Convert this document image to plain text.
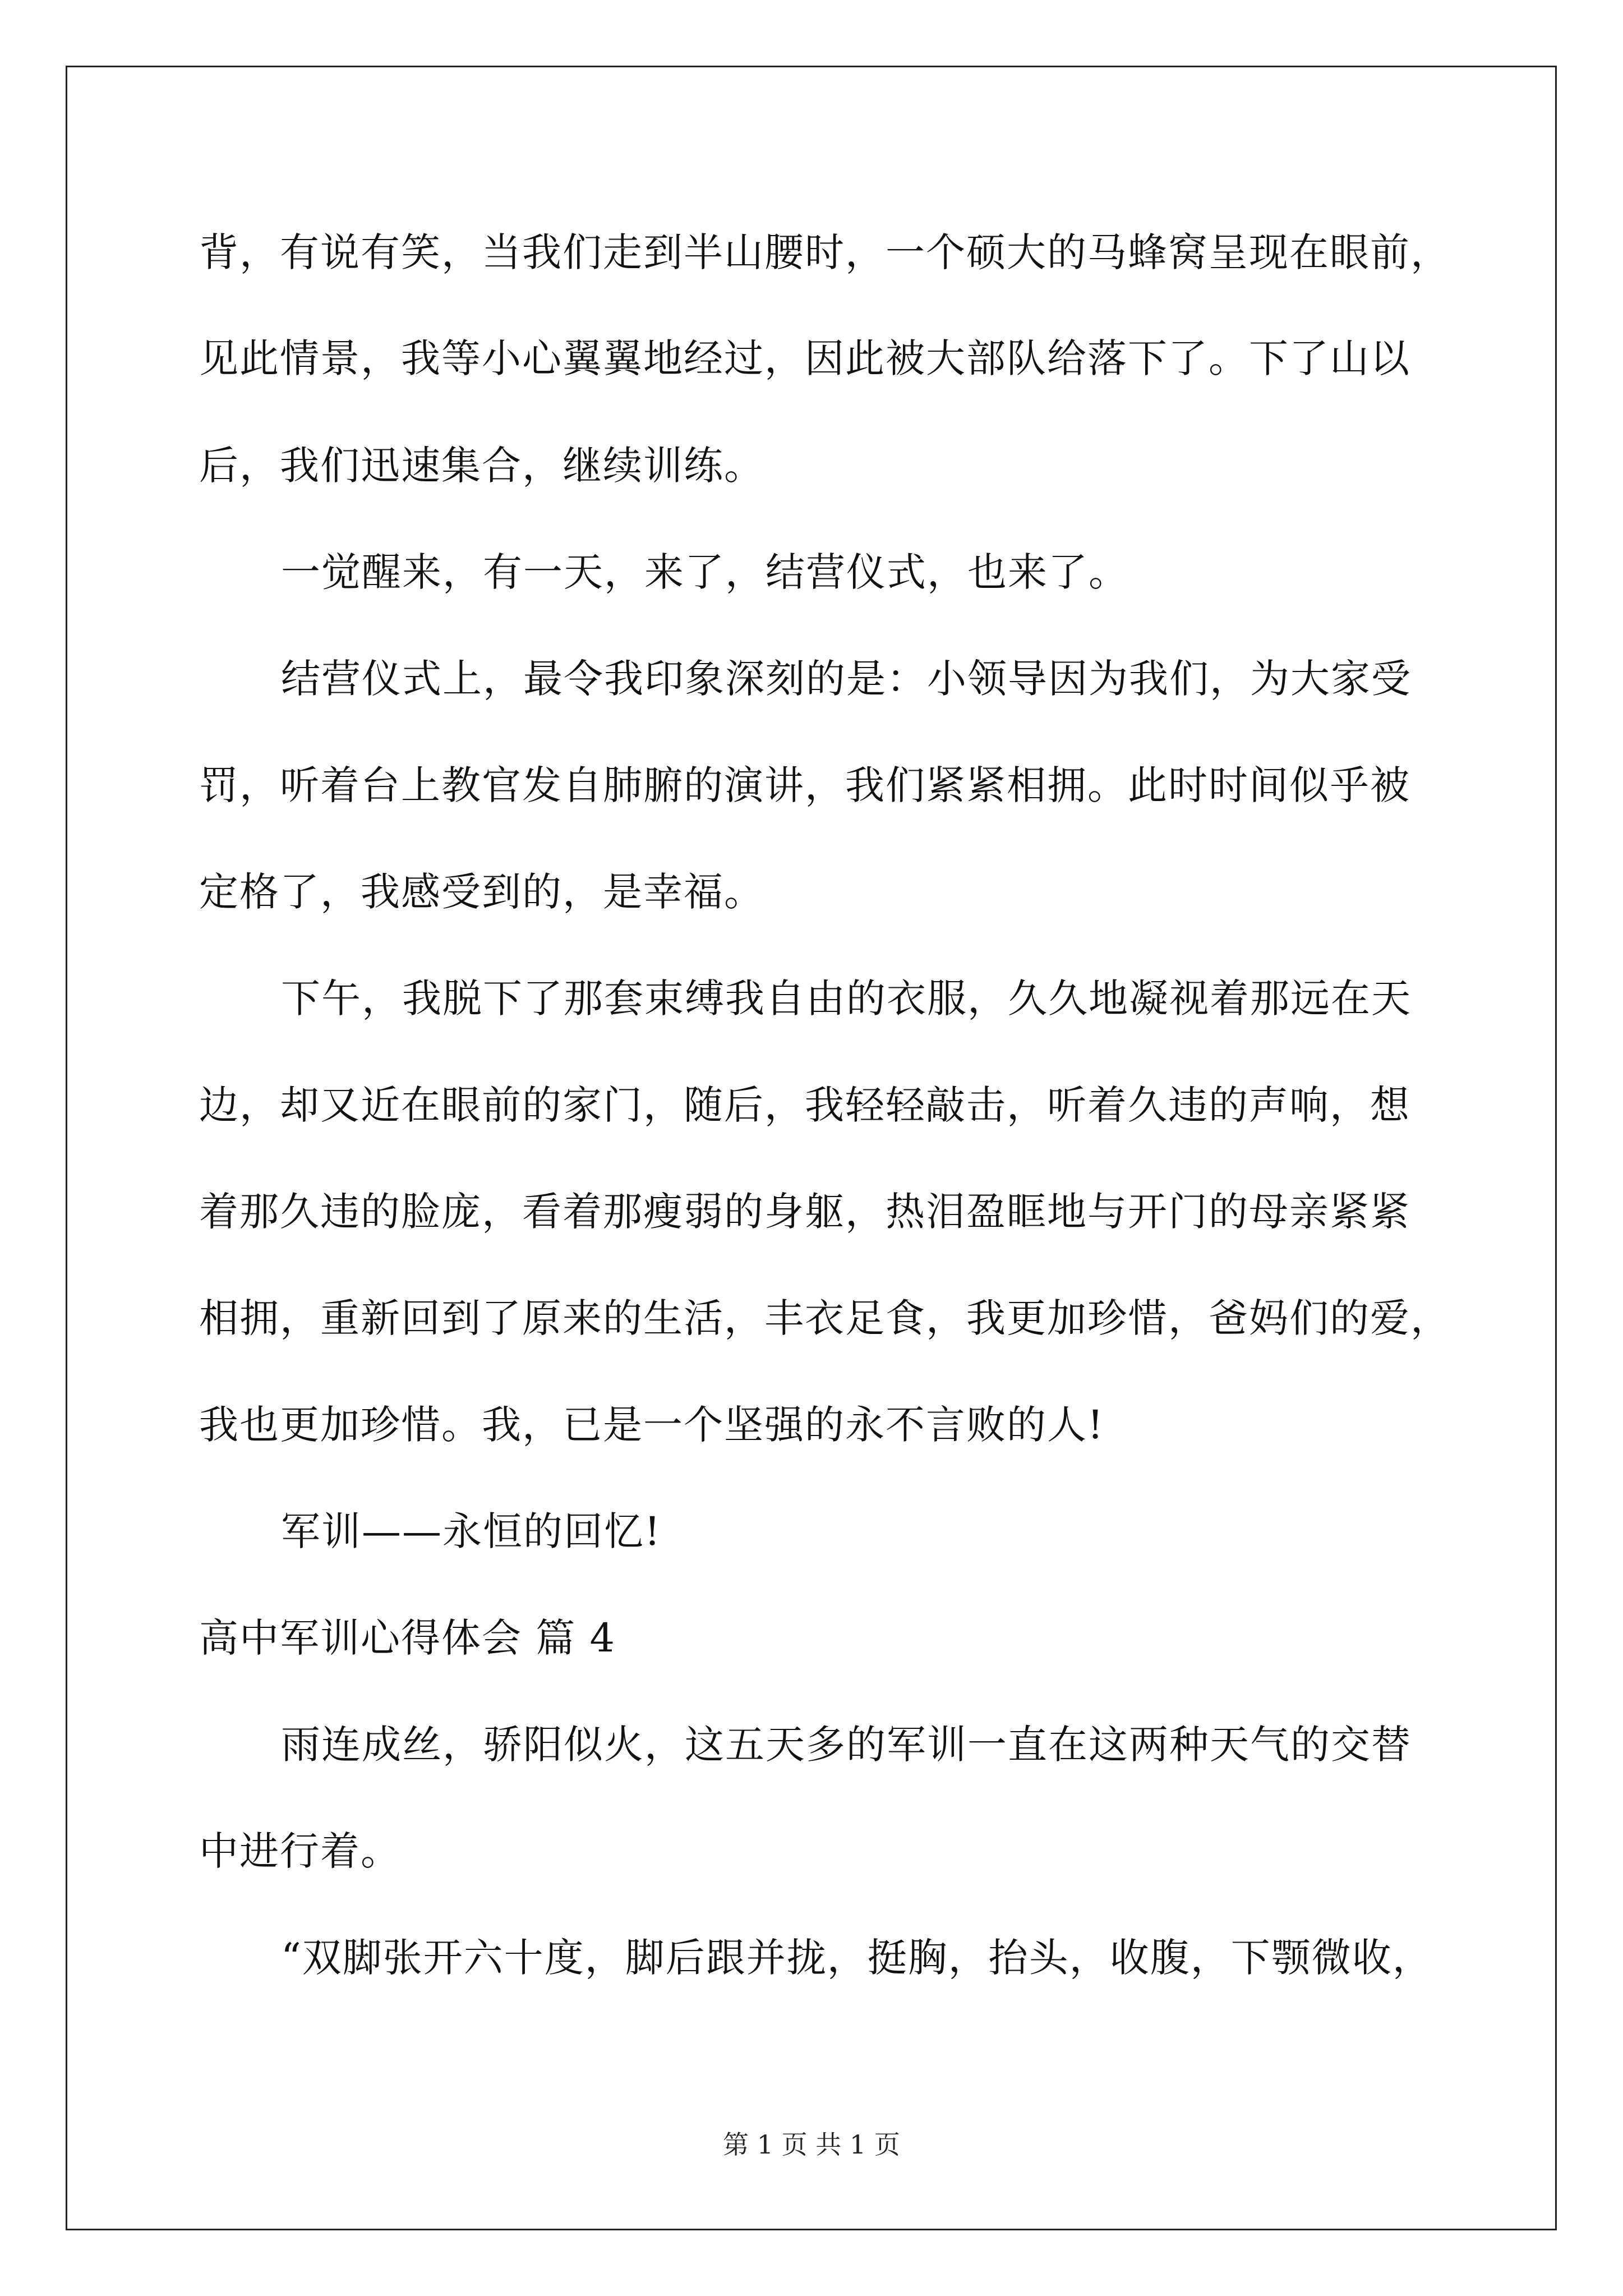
背，有说有笑，当我们走到半山腰时，一个硕大的马蜂窝呈现在眼前，
见此情景，我等小心翼翼地经过，因此被大部队给落下了。下了山以
后，我们迅速集合，继续训练。
一觉醒来，有一天，来了，结营仪式，也来了。
结营仪式上，最令我印象深刻的是：小领导因为我们，为大家受
罚，听着台上教官发自肺腑的演讲，我们紧紧相拥。此时时间似乎被
定格了，我感受到的，是幸福。
下午，我脱下了那套束缚我自由的衣服，久久地凝视着那远在天
边，却又近在眼前的家门，随后，我轻轻敲击，听着久违的声响，想
着那久违的脸庞，看着那瘦弱的身躯，热泪盈眶地与开门的母亲紧紧
相拥，重新回到了原来的生活，丰衣足食，我更加珍惜，爸妈们的爱，
我也更加珍惜。我，已是一个坚强的永不言败的人!
军训——永恒的回忆!
高中军训心得体会 篇 4
雨连成丝，骄阳似火，这五天多的军训一直在这两种天气的交替
中进行着。
“双脚张开六十度，脚后跟并拢，挺胸，抬头，收腹，下颚微收，
第 1 页 共 1 页
